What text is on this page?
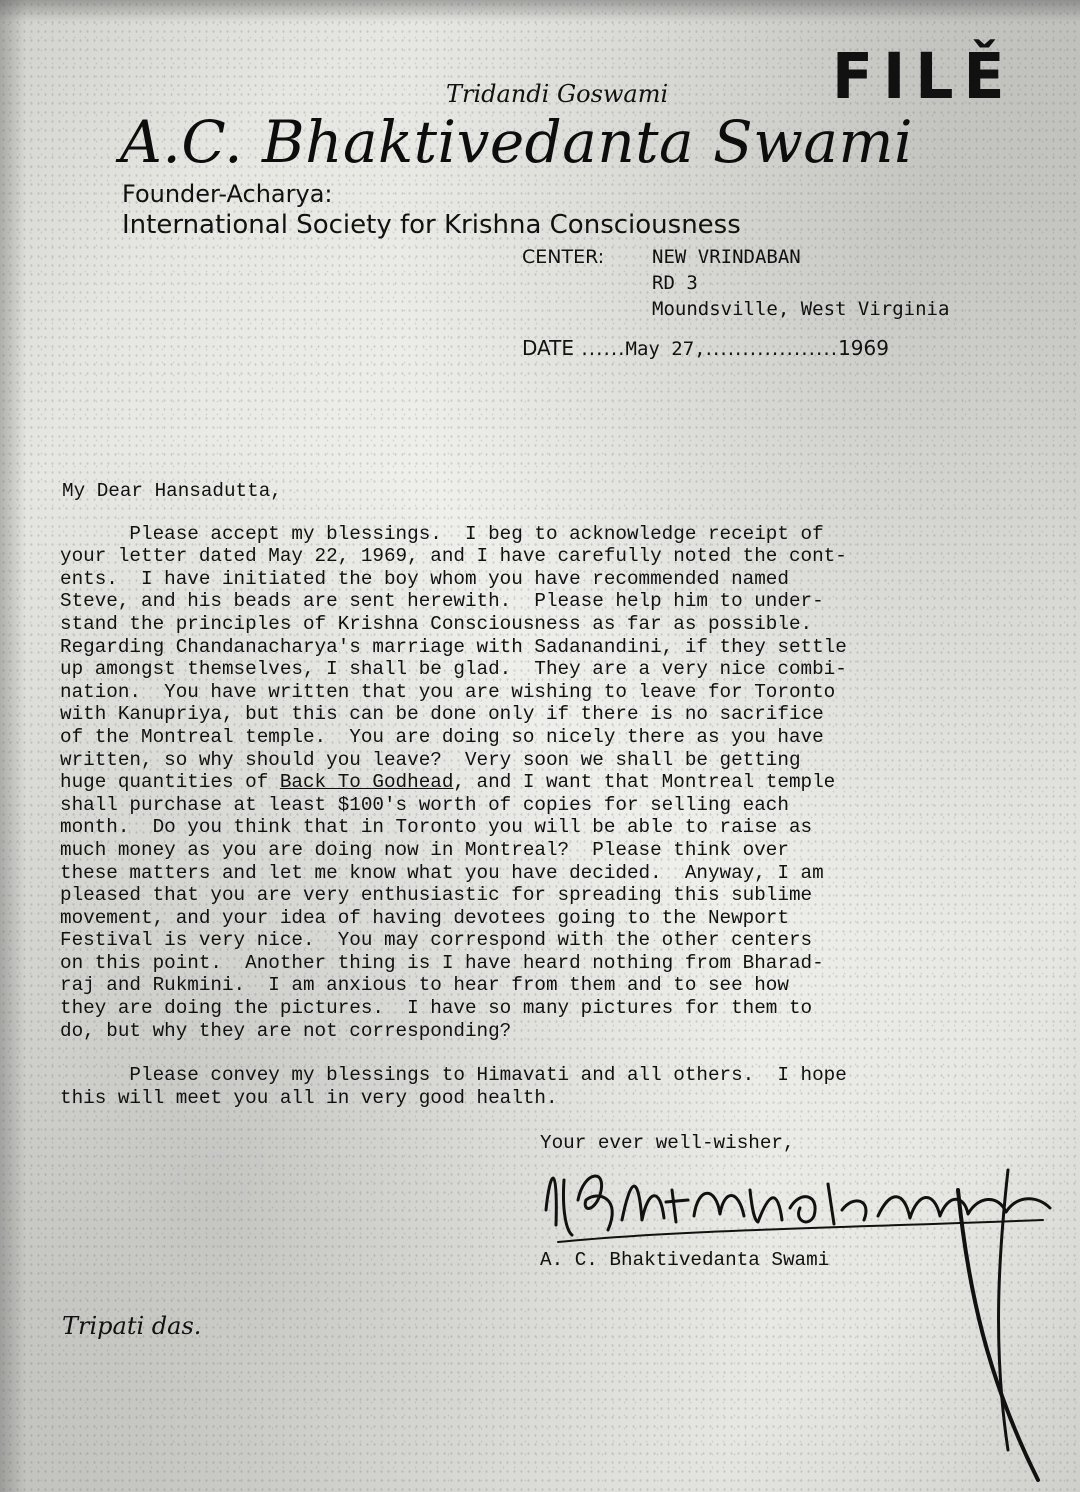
FILĚ
Tridandi Goswami
A.C. Bhaktivedanta Swami
Founder-Acharya:
International Society for Krishna Consciousness
CENTER:	NEW VRINDABAN
RD 3
Moundsville, West Virginia
DATE ......May 27,..................1969
My Dear Hansadutta,
Please accept my blessings.  I beg to acknowledge receipt of
your letter dated May 22, 1969, and I have carefully noted the cont-
ents.  I have initiated the boy whom you have recommended named
Steve, and his beads are sent herewith.  Please help him to under-
stand the principles of Krishna Consciousness as far as possible.
Regarding Chandanacharya's marriage with Sadanandini, if they settle
up amongst themselves, I shall be glad.  They are a very nice combi-
nation.  You have written that you are wishing to leave for Toronto
with Kanupriya, but this can be done only if there is no sacrifice
of the Montreal temple.  You are doing so nicely there as you have
written, so why should you leave?  Very soon we shall be getting
huge quantities of Back To Godhead, and I want that Montreal temple
shall purchase at least $100's worth of copies for selling each
month.  Do you think that in Toronto you will be able to raise as
much money as you are doing now in Montreal?  Please think over
these matters and let me know what you have decided.  Anyway, I am
pleased that you are very enthusiastic for spreading this sublime
movement, and your idea of having devotees going to the Newport
Festival is very nice.  You may correspond with the other centers
on this point.  Another thing is I have heard nothing from Bharad-
raj and Rukmini.  I am anxious to hear from them and to see how
they are doing the pictures.  I have so many pictures for them to
do, but why they are not corresponding?
Please convey my blessings to Himavati and all others.  I hope
this will meet you all in very good health.
Your ever well-wisher,
A. C. Bhaktivedanta Swami
Tripati das.
